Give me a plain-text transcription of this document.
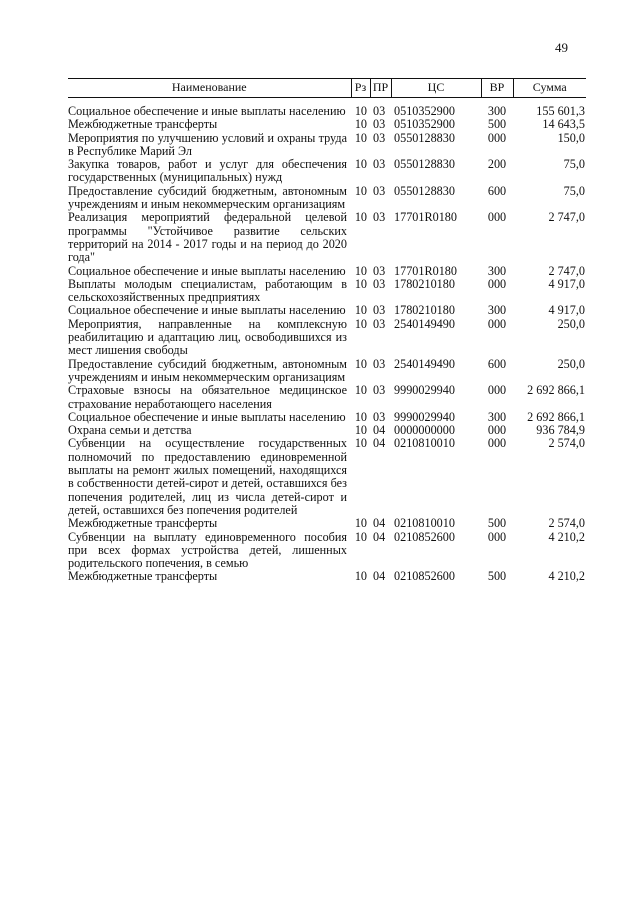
49
Наименование	Рз	ПР	ЦС	ВР	Сумма
Социальное обеспечение и иные выплаты населению	10	03	0510352900	300	155 601,3
Межбюджетные трансферты	10	03	0510352900	500	14 643,5
Мероприятия по улучшению условий и охраны труда в Республике Марий Эл	10	03	0550128830	000	150,0
Закупка товаров, работ и услуг для обеспечения государственных (муниципальных) нужд	10	03	0550128830	200	75,0
Предоставление субсидий бюджетным, автономным учреждениям и иным некоммерческим организациям	10	03	0550128830	600	75,0
Реализация мероприятий федеральной целевой программы "Устойчивое развитие сельских территорий на 2014 - 2017 годы и на период до 2020 года"	10	03	17701R0180	000	2 747,0
Социальное обеспечение и иные выплаты населению	10	03	17701R0180	300	2 747,0
Выплаты молодым специалистам, работающим в сельскохозяйственных предприятиях	10	03	1780210180	000	4 917,0
Социальное обеспечение и иные выплаты населению	10	03	1780210180	300	4 917,0
Мероприятия, направленные на комплексную реабилитацию и адаптацию лиц, освободившихся из мест лишения свободы	10	03	2540149490	000	250,0
Предоставление субсидий бюджетным, автономным учреждениям и иным некоммерческим организациям	10	03	2540149490	600	250,0
Страховые взносы на обязательное медицинское страхование неработающего населения	10	03	9990029940	000	2 692 866,1
Социальное обеспечение и иные выплаты населению	10	03	9990029940	300	2 692 866,1
Охрана семьи и детства	10	04	0000000000	000	936 784,9
Субвенции на осуществление государственных полномочий по предоставлению единовременной выплаты на ремонт жилых помещений, находящихся в собственности детей-сирот и детей, оставшихся без попечения родителей, лиц из числа детей-сирот и детей, оставшихся без попечения родителей	10	04	0210810010	000	2 574,0
Межбюджетные трансферты	10	04	0210810010	500	2 574,0
Субвенции на выплату единовременного пособия при всех формах устройства детей, лишенных родительского попечения, в семью	10	04	0210852600	000	4 210,2
Межбюджетные трансферты	10	04	0210852600	500	4 210,2
